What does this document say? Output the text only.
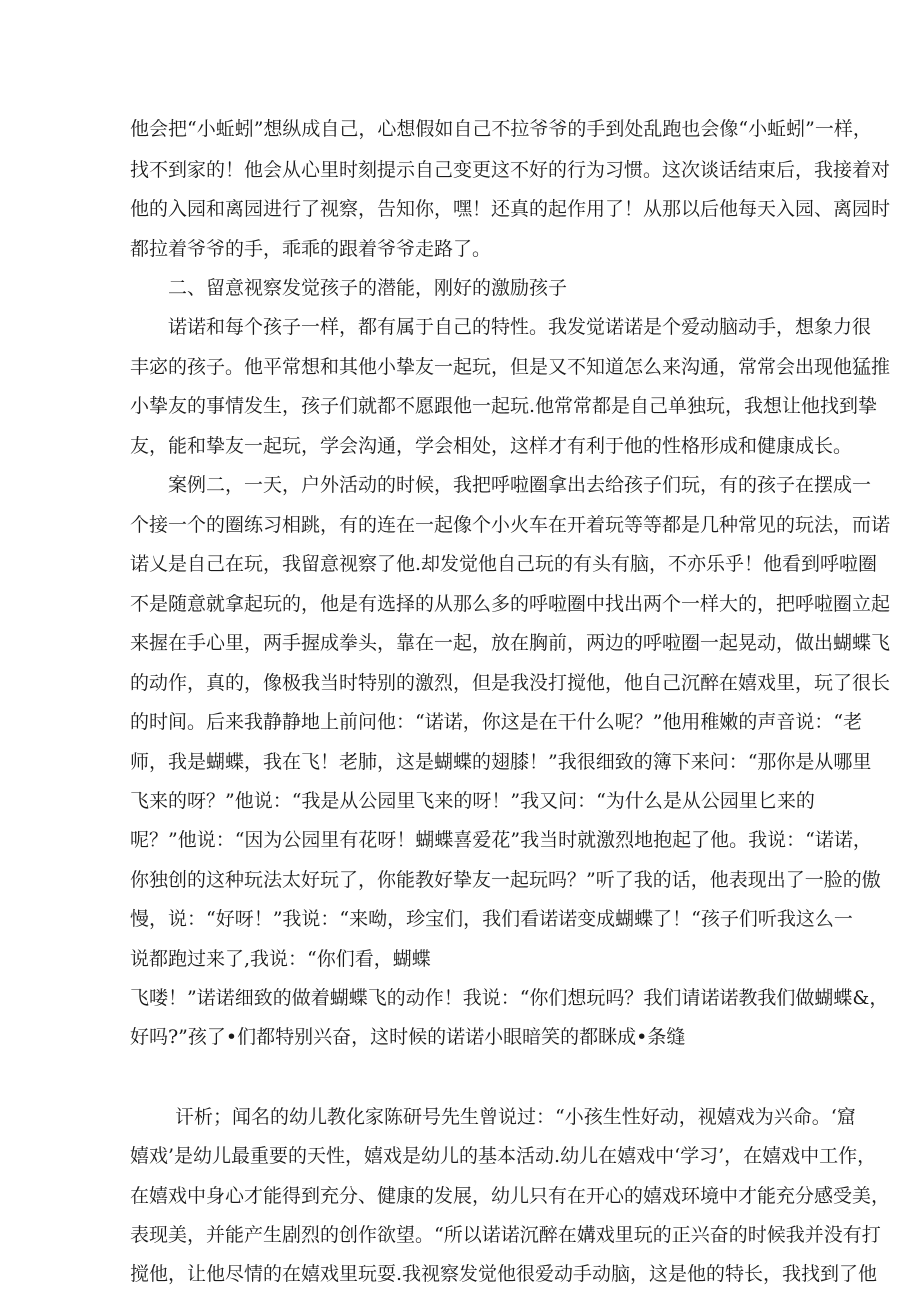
他会把“小蚯蚓”想纵成自己，心想假如自己不拉爷爷的手到处乱跑也会像“小蚯蚓”一样，
找不到家的！他会从心里时刻提示自己变更这不好的行为习惯。这次谈话结束后，我接着对
他的入园和离园进行了视察，告知你，嘿！还真的起作用了！从那以后他每天入园、离园时
都拉着爷爷的手，乖乖的跟着爷爷走路了。
二、留意视察发觉孩子的潜能，刚好的激励孩子
诺诺和每个孩子一样，都有属于自己的特性。我发觉诺诺是个爱动脑动手，想象力很
丰宓的孩子。他平常想和其他小挚友一起玩，但是又不知道怎么来沟通，常常会出现他猛推
小挚友的事情发生，孩子们就都不愿跟他一起玩.他常常都是自己单独玩，我想让他找到挚
友，能和挚友一起玩，学会沟通，学会相处，这样才有利于他的性格形成和健康成长。
案例二，一天，户外活动的时候，我把呼啦圈拿出去给孩子们玩，有的孩子在摆成一
个接一个的圈练习相跳，有的连在一起像个小火车在开着玩等等都是几种常见的玩法，而诺
诺乂是自己在玩，我留意视察了他.却发觉他自己玩的有头有脑，不亦乐乎！他看到呼啦圈
不是随意就拿起玩的，他是有选择的从那么多的呼啦圈中找出两个一样大的，把呼啦圈立起
来握在手心里，两手握成拳头，靠在一起，放在胸前，两边的呼啦圈一起晃动，做出蝴蝶飞
的动作，真的，像极我当时特别的激烈，但是我没打搅他，他自己沉醉在嬉戏里，玩了很长
的时间。后来我静静地上前问他：“诺诺，你这是在干什么呢？”他用稚嫩的声音说：“老
师，我是蝴蝶，我在飞！老肺，这是蝴蝶的翅膝！”我很细致的簿下来问：“那你是从哪里
飞来的呀？”他说：“我是从公园里飞来的呀！”我又问：“为什么是从公园里匕来的
呢？”他说：“因为公园里有花呀！蝴蝶喜爱花”我当时就激烈地抱起了他。我说：“诺诺，
你独创的这种玩法太好玩了，你能教好挚友一起玩吗？”听了我的话，他表现出了一脸的傲
慢，说：“好呀！”我说：“来呦，珍宝们，我们看诺诺变成蝴蝶了！“孩子们听我这么一
说都跑过来了,我说：“你们看，蝴蝶
飞喽！”诺诺细致的做着蝴蝶飞的动作！我说：“你们想玩吗？我们请诺诺教我们做蝴蝶&，
好吗?”孩了•们都特别兴奋，这时候的诺诺小眼暗笑的都眯成•条缝
讦析；闻名的幼儿教化家陈研号先生曾说过：“小孩生性好动，视嬉戏为兴命。‘窟
嬉戏’是幼儿最重要的天性，嬉戏是幼儿的基本活动.幼儿在嬉戏中‘学习’，在嬉戏中工作，
在嬉戏中身心才能得到充分、健康的发展，幼儿只有在开心的嬉戏环境中才能充分感受美，
表现美，并能产生剧烈的创作欲望。“所以诺诺沉醉在媾戏里玩的正兴奋的时候我并没有打
搅他，让他尽情的在嬉戏里玩耍.我视察发觉他很爱动手动脑，这是他的特长，我找到了他
